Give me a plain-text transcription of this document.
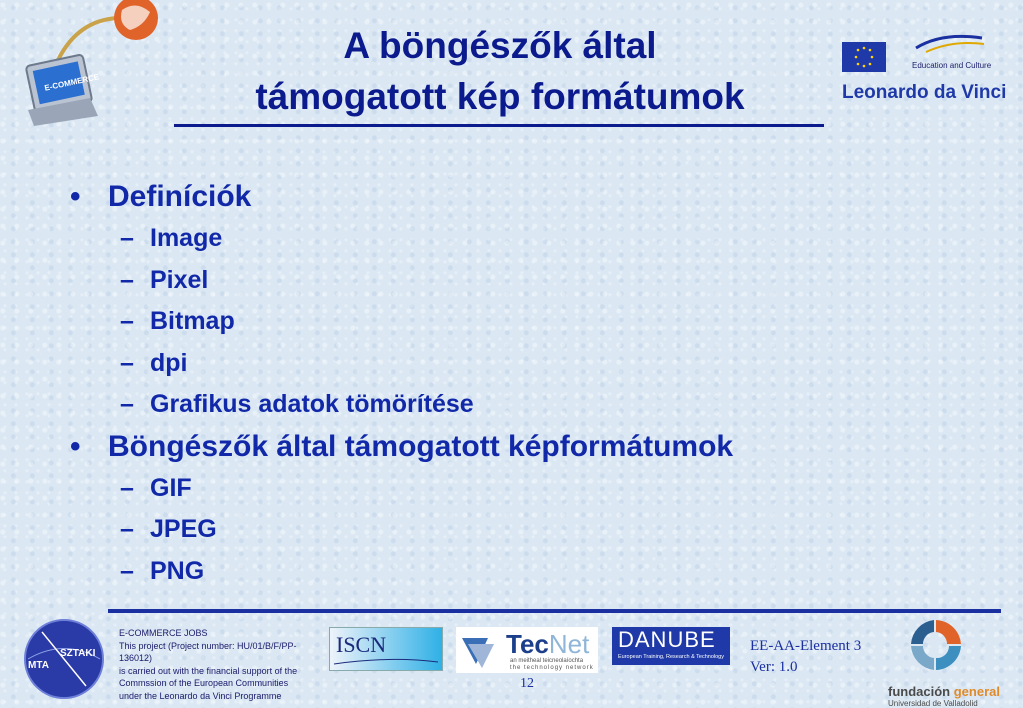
E-COMMERCE
A böngészők által
támogatott kép formátumok
Education and Culture
Leonardo da Vinci
• Definíciók
– Image
– Pixel
– Bitmap
– dpi
– Grafikus adatok tömörítése
• Böngészők által támogatott képformátumok
– GIF
– JPEG
– PNG
MTA
SZTAKI
E-COMMERCE JOBS
This project (Project number: HU/01/B/F/PP-136012)
is carried out with the financial support of the
Commssion of the European Communities
under the Leonardo da Vinci Programme
ISCN	TecNet
an meitheal teicneolaíochta
the technology network
DANUBE
European Training, Research & Technology
12
EE-AA-Element 3
Ver: 1.0
fundación general
Universidad de Valladolid
